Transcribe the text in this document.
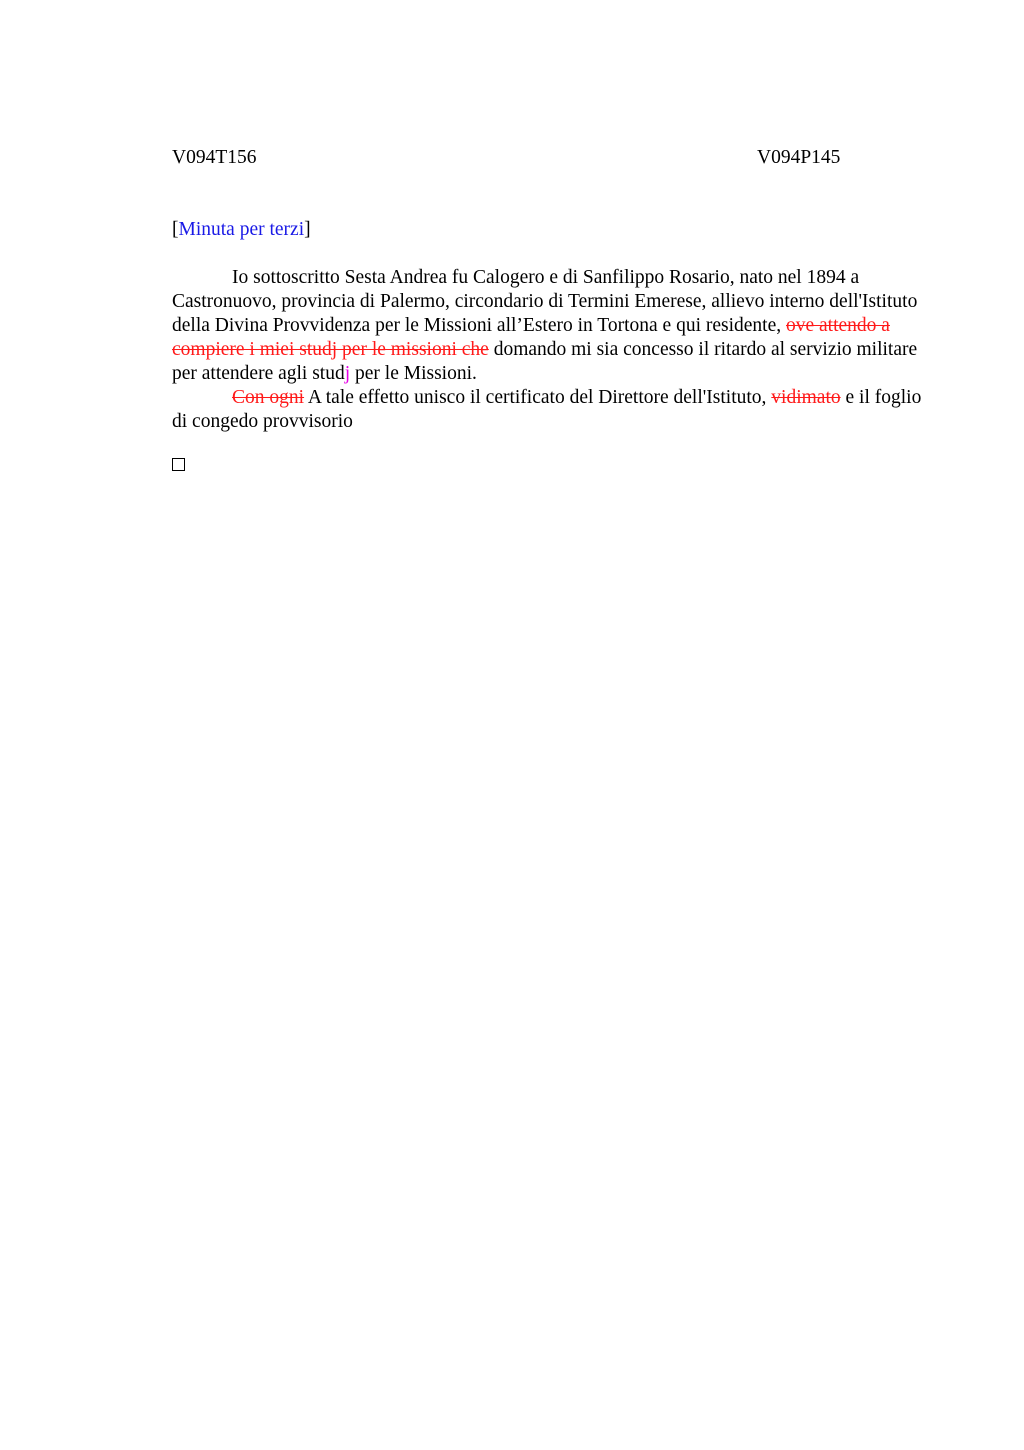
V094T156	V094P145
[Minuta per terzi]

Io sottoscritto Sesta Andrea fu Calogero e di Sanfilippo Rosario, nato nel 1894 a Castronuovo, provincia di Palermo, circondario di Termini Emerese, allievo interno dell'Istituto della Divina Provvidenza per le Missioni all’Estero in Tortona e qui residente, ove attendo a compiere i miei studj per le missioni che domando mi sia concesso il ritardo al servizio militare per attendere agli studj per le Missioni.

Con ogni A tale effetto unisco il certificato del Direttore dell'Istituto, vidimato e il foglio di congedo provvisorio
